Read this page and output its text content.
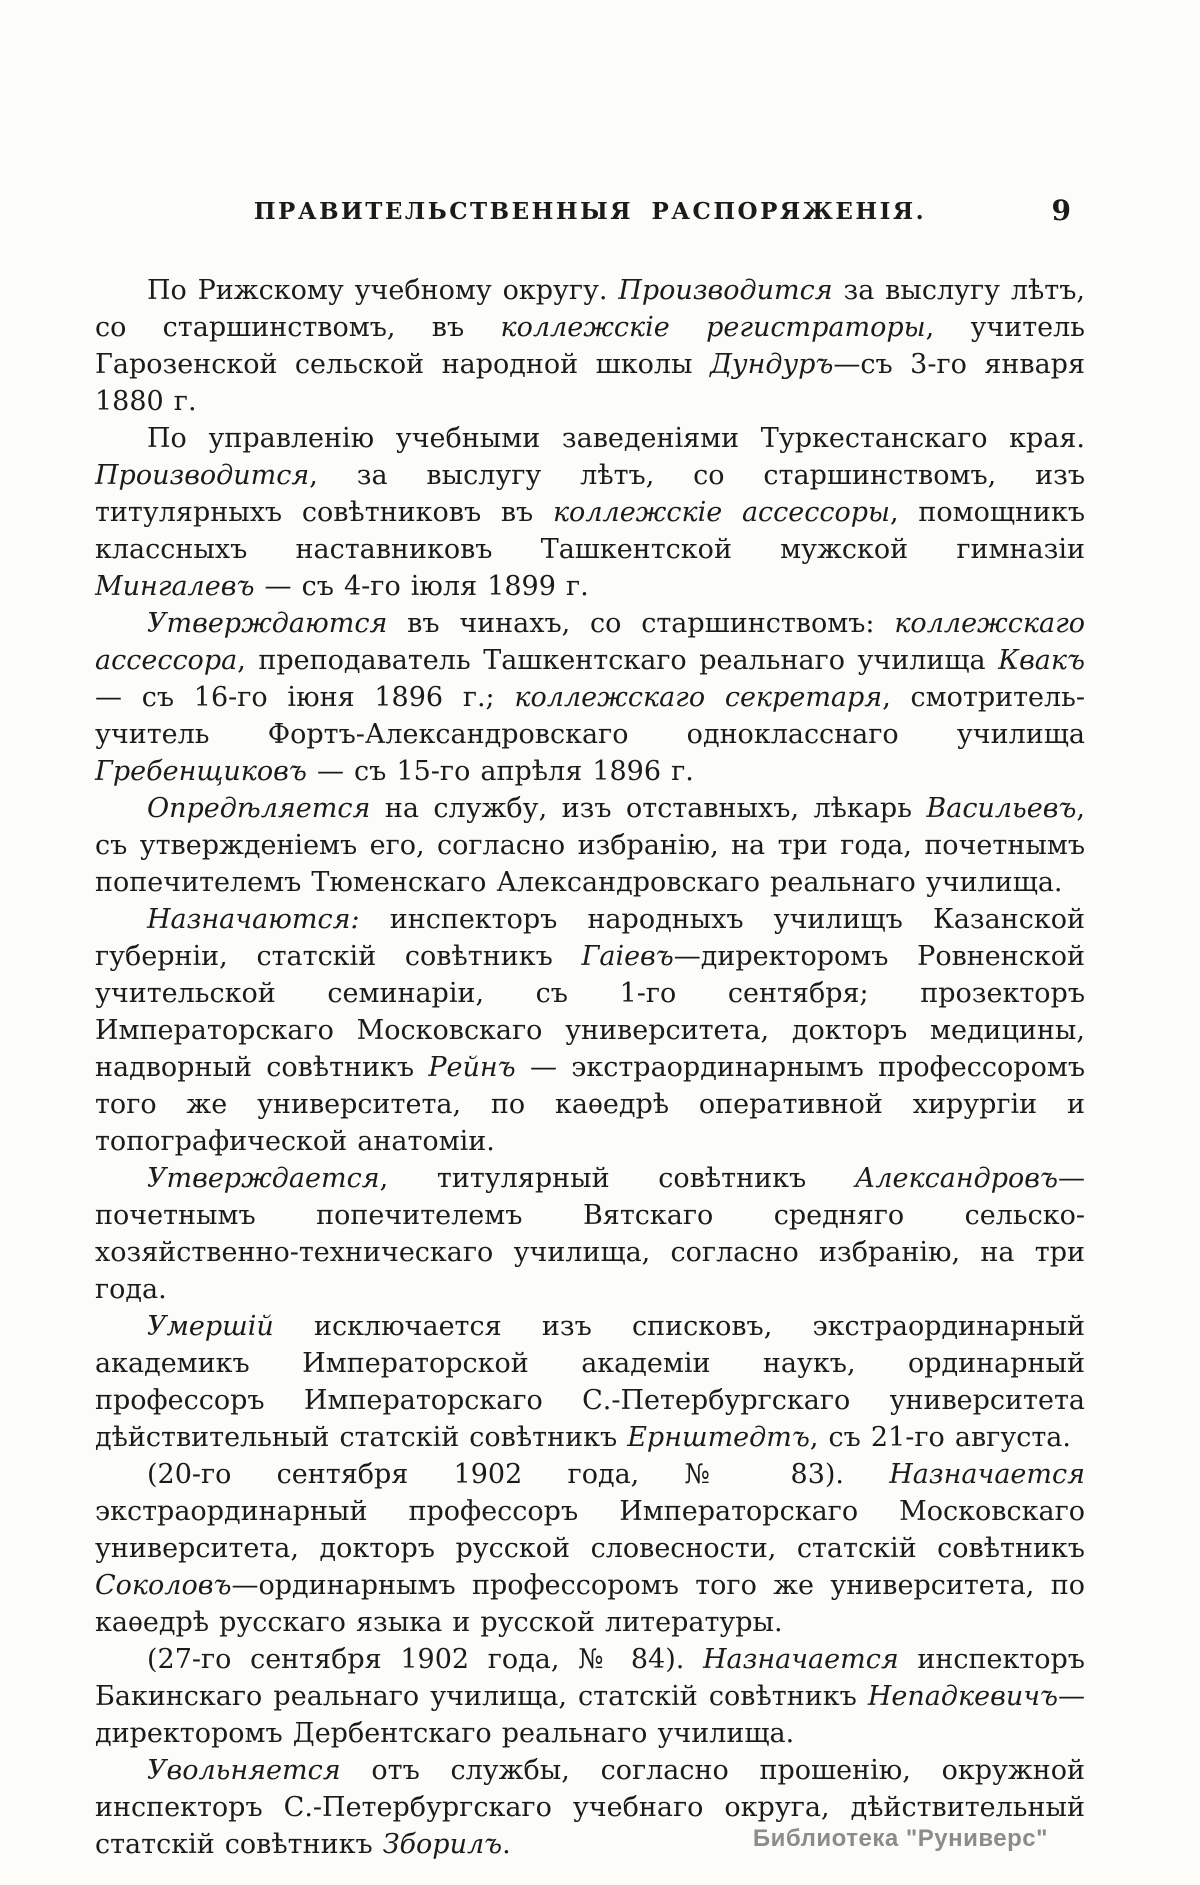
ПРАВИТЕЛЬСТВЕННЫЯ РАСПОРЯЖЕНІЯ.	9

По Рижскому учебному округу. Производится за выслугу лѣтъ, со старшинствомъ, въ коллежскіе регистраторы, учитель Гарозенской сельской народной школы Дундуръ—съ 3-го января 1880 г.

По управленію учебными заведеніями Туркестанскаго края. Производится, за выслугу лѣтъ, со старшинствомъ, изъ титулярныхъ совѣтниковъ въ коллежскіе ассессоры, помощникъ классныхъ наставниковъ Ташкентской мужской гимназіи Мингалевъ — съ 4-го іюля 1899 г.

Утверждаются въ чинахъ, со старшинствомъ: коллежскаго ассессора, преподаватель Ташкентскаго реальнаго училища Квакъ — съ 16-го іюня 1896 г.; коллежскаго секретаря, смотритель-учитель Фортъ-Александровскаго однокласснаго училища Гребенщиковъ — съ 15-го апрѣля 1896 г.

Опредѣляется на службу, изъ отставныхъ, лѣкарь Васильевъ, съ утвержденіемъ его, согласно избранію, на три года, почетнымъ попечителемъ Тюменскаго Александровскаго реальнаго училища.

Назначаются: инспекторъ народныхъ училищъ Казанской губерніи, статскій совѣтникъ Гаіевъ—директоромъ Ровненской учительской семинаріи, съ 1-го сентября; прозекторъ Императорскаго Московскаго университета, докторъ медицины, надворный совѣтникъ Рейнъ — экстраординарнымъ профессоромъ того же университета, по каѳедрѣ оперативной хирургіи и топографической анатоміи.

Утверждается, титулярный совѣтникъ Александровъ—почетнымъ попечителемъ Вятскаго средняго сельско-хозяйственно-техническаго училища, согласно избранію, на три года.

Умершій исключается изъ списковъ, экстраординарный академикъ Императорской академіи наукъ, ординарный профессоръ Императорскаго С.-Петербургскаго университета дѣйствительный статскій совѣтникъ Ернштедтъ, съ 21-го августа.

(20-го сентября 1902 года, № 83). Назначается экстраординарный профессоръ Императорскаго Московскаго университета, докторъ русской словесности, статскій совѣтникъ Соколовъ—ординарнымъ профессоромъ того же университета, по каѳедрѣ русскаго языка и русской литературы.

(27-го сентября 1902 года, № 84). Назначается инспекторъ Бакинскаго реальнаго училища, статскій совѣтникъ Непадкевичъ—директоромъ Дербентскаго реальнаго училища.

Увольняется отъ службы, согласно прошенію, окружной инспекторъ С.-Петербургскаго учебнаго округа, дѣйствительный статскій совѣтникъ Зборилъ.	Библиотека "Руниверс"
